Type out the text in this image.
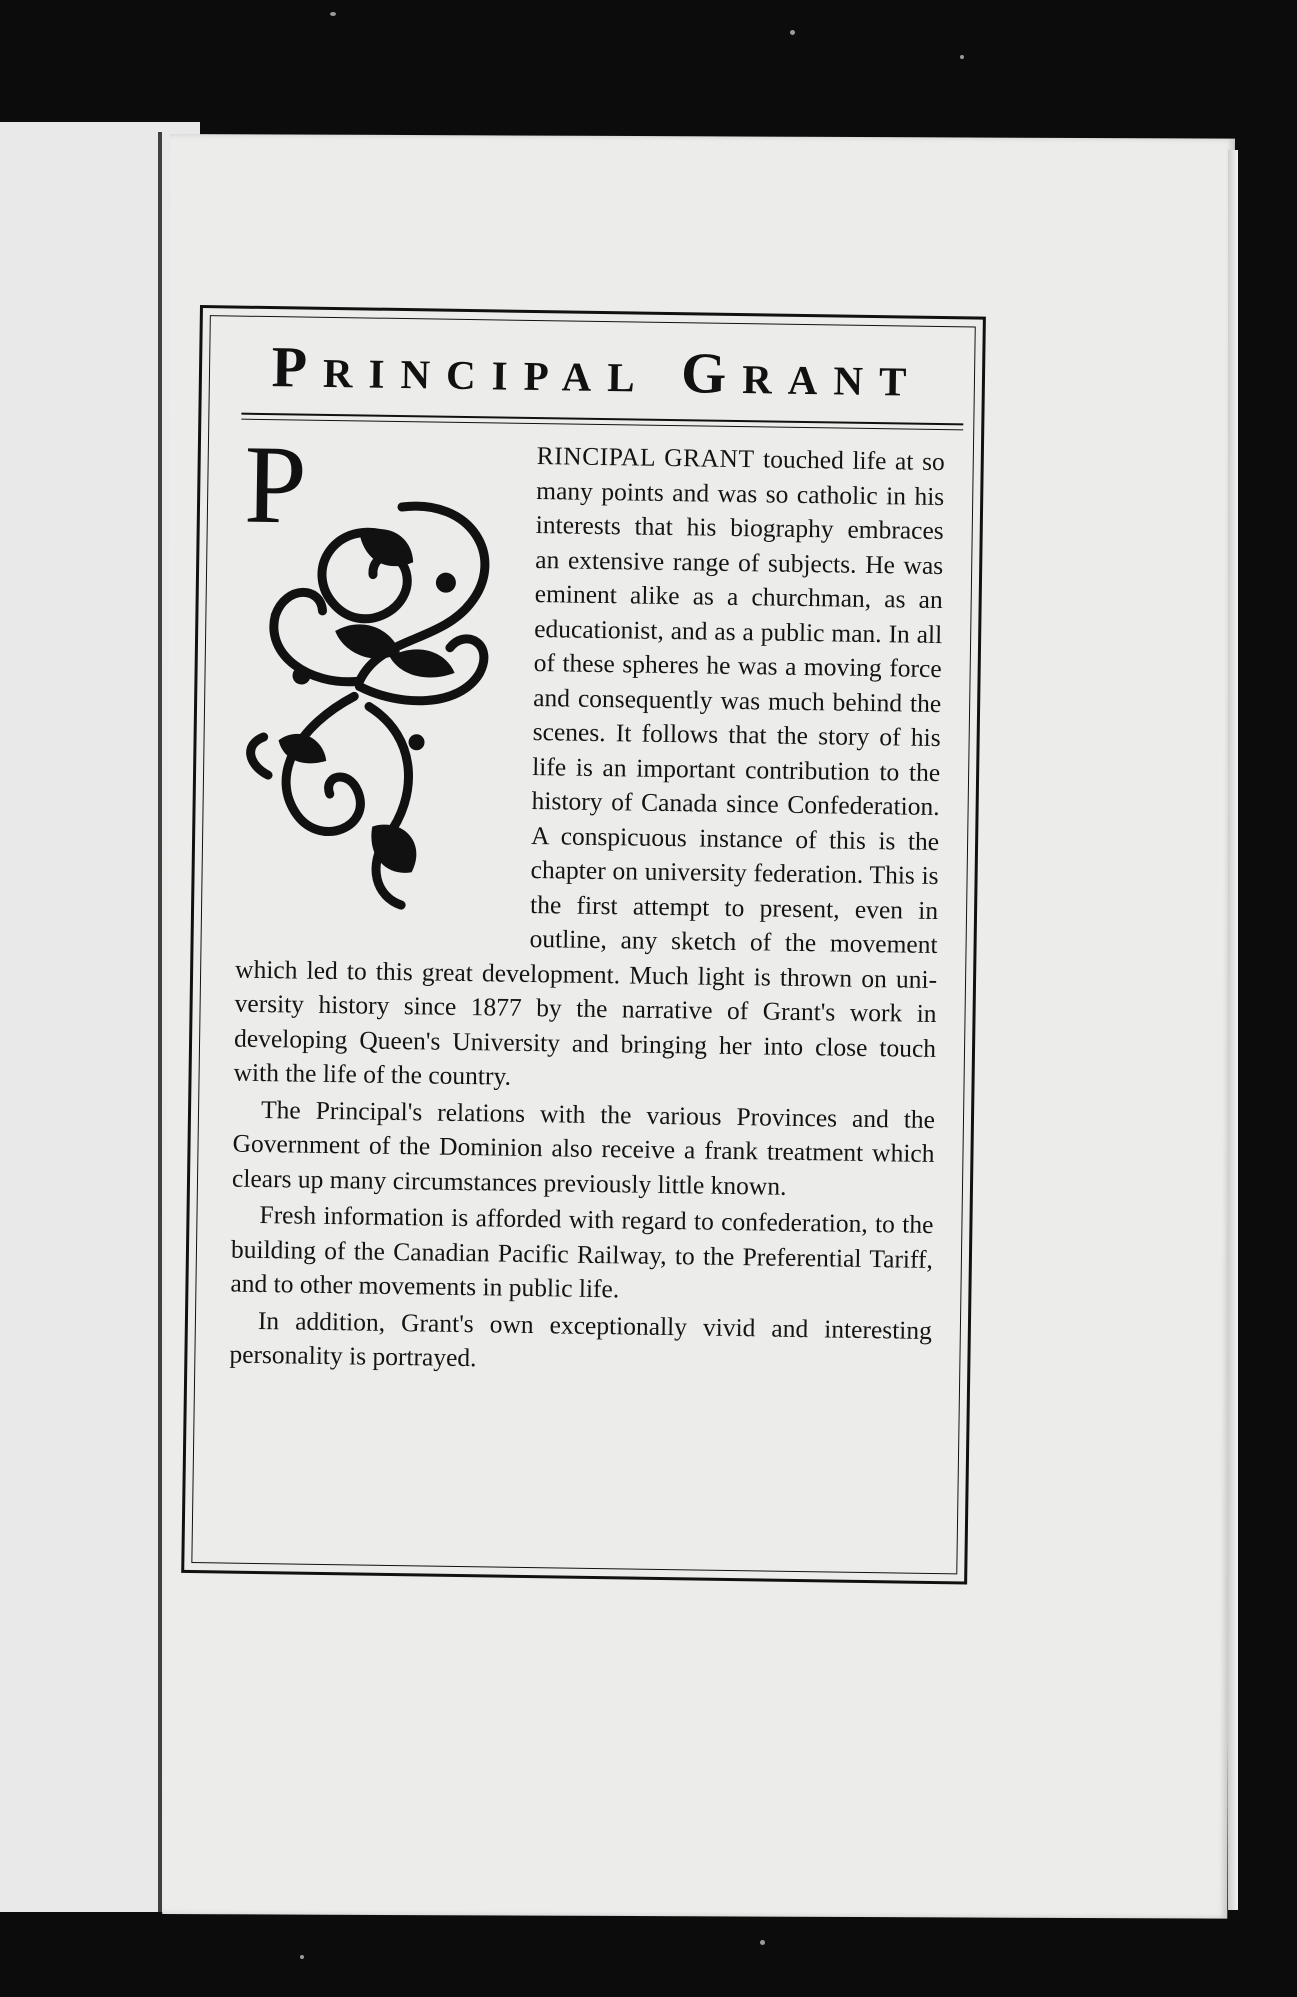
Principal Grant
P	RINCIPAL GRANT touched life at so many points and was so catholic in his interests that his biography embraces an extensive range of subjects. He was eminent alike as a churchman, as an educationist, and as a public man. In all of these spheres he was a moving force and consequently was much behind the scenes. It follows that the story of his life is an important contribution to the history of Canada since Confederation. A conspicuous instance of this is the chapter on university federation. This is the first attempt to present, even in outline, any sketch of the movement which led to this great development. Much light is thrown on university history since 1877 by the narrative of Grant's work in developing Queen's University and bringing her into close touch with the life of the country.

The Principal's relations with the various Provinces and the Government of the Dominion also receive a frank treatment which clears up many circumstances previously little known.

Fresh information is afforded with regard to confederation, to the building of the Canadian Pacific Railway, to the Preferential Tariff, and to other movements in public life.

In addition, Grant's own exceptionally vivid and interesting personality is portrayed.
